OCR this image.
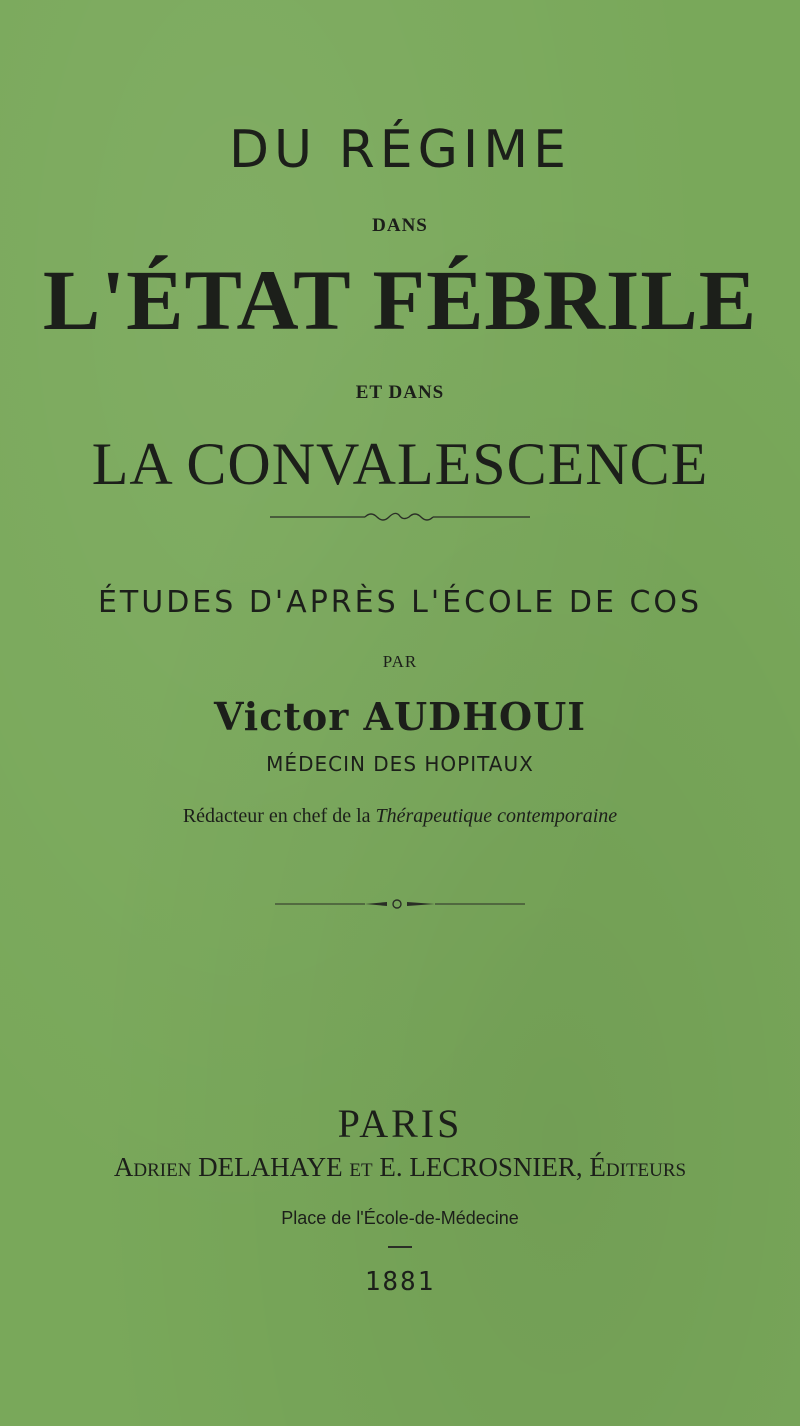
DU RÉGIME
DANS
L'ÉTAT FÉBRILE
ET DANS
LA CONVALESCENCE
ÉTUDES D'APRÈS L'ÉCOLE DE COS
PAR
Victor AUDHOUI
MÉDECIN DES HOPITAUX
Rédacteur en chef de la Thérapeutique contemporaine
PARIS
Adrien DELAHAYE et E. LECROSNIER, Éditeurs
Place de l'École-de-Médecine
1881
